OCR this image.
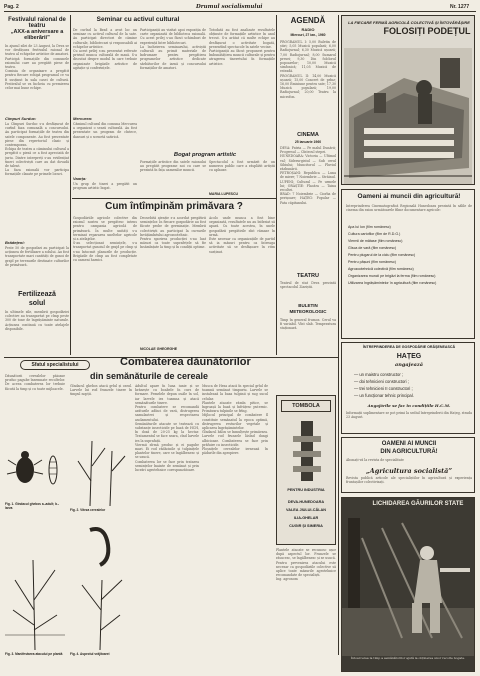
Pag. 2	Drumul socialismului	Nr. 1277
Festivalul raional de teatru
„AXX-a aniversare a eliberării”
În ajunul zilei de 23 August, la Deva se vor desfășura festivalul raional de teatru al echipelor artistice de amatori. Participă formațiile din comunele raionului care au pregătit piese de teatru.
Comisia de organizare a pregătit pentru fiecare echipă programul ce va fi susținut în sala casei de cultură. Festivalul se va încheia cu premierea celor mai bune echipe.
Cîmpuri Surduc:
La Cîmpuri Surduc s-a desfășurat de curînd faza comunală a concursului. Au participat formațiile de teatru din satele componente. Au fost prezentate piese din repertoriul clasic și contemporan.
Echipa de teatru a căminului cultural a pregătit o piesă ce a fost apreciată de juriu. Dintre interpreți s-au evidențiat tineri colectiviști care au dat dovadă de talent.
La faza raională vor participa formațiile clasate pe primele locuri.
Brădețeni:
Peste 50 de gospodari au participat la acțiunea de fertilizare a solului. Au fost transportate mari cantități de gunoi de grajd pe terenurile destinate culturilor de primăvară.
Fertilizează
solul
În ultimele zile, membrii gospodăriei colective au transportat pe cîmp peste 300 de tone de îngrășăminte naturale. Acțiunea continuă cu toate atelajele disponibile.
Seminar cu activul cultural
De curînd la Brad a avut loc un seminar cu activul cultural de la sate. Au participat directori de cămine culturale, bibliotecari și responsabili ai echipelor artistice.
Cu acest prilej s-au prezentat referate privind munca culturală de masă. S-a discutat despre modul în care trebuie organizate brigăzile artistice de agitație și conferințele.
Mercurea:
Căminul cultural din comuna Mercurea a organizat o seară culturală. Au fost prezentate un program de cîntece, dansuri și o scenetă satirică.
Vaarța:
Un grup de tineri a pregătit un program artistic bogat.
Participanții au vizitat apoi expoziția de carte organizată de biblioteca raională. Cu acest prilej s-au făcut schimburi de experiență între bibliotecari.
La încheierea seminarului, activiștii culturali au primit materiale de îndrumare pentru pregătirea programelor artistice dedicate sărbătorilor de iarnă și concursului formațiilor de amatori.
Bogat program artistic
Formațiile artistice din satele raionului au pregătit programe noi cu care se prezintă în fața oamenilor muncii.
Totodată au fost analizate rezultatele obținute de formațiile artistice în anul trecut. S-a arătat că multe echipe au desfășurat o activitate bogată, prezentînd spectacole în satele vecine.
Participanții au făcut propuneri pentru îmbunătățirea muncii culturale și pentru atragerea tineretului în formațiile artistice.
Spectacolul a fost urmărit de un numeros public care a răsplătit artiștii cu aplauze.
MARIA LUPESCU
Cum întîmpinăm primăvara ?
Gospodăriile agricole colective din raionul nostru se pregătesc intens pentru campania agricolă de primăvară. În multe unități s-a terminat repararea uneltelor agricole și a atelajelor.
S-au selecționat semințele, s-a transportat gunoiul de grajd pe cîmp și s-au întocmit planurile de producție. Brigăzile de cîmp au fost completate cu oameni harnici.
Deosebită atenție s-a acordat pregătirii semințelor. În fiecare gospodărie au fost făcute probe de germinație. Membrii colectiviști au participat la cursurile învățămîntului agrozootehnic.
Pentru sporirea producției s-au luat măsuri ca toate suprafețele să fie însămînțate la timp și în condiții optime.
Acolo unde munca a fost bine organizată, rezultatele nu au întîrziat să apară. Cu toate acestea, în unele gospodării pregătirile sînt rămase în urmă.
Este necesar ca organizațiile de partid să ia măsuri pentru ca întreaga activitate să se desfășoare în ritm susținut.
NICOLAE GHEORGHE
AGENDĂ
RADIO
Miercuri, 27 ian., 1960
PROGRAMUL I: 5,00 Buletin de știri; 5,05 Muzică populară; 6,00 Radiojurnal; 6,30 Muzică ușoară; 7,00 Radiojurnal; 8,00 Sumarul presei; 9,30 Din folclorul popoarelor; 10,00 Muzică simfonică; 11,05 Muzică de estradă.
PROGRAMUL II: 14,00 Muzică ușoară; 15,00 Concert de prînz; 16,00 Emisiune pentru sate; 17,30 Muzică populară; 19,00 Radiojurnal; 20,00 Teatru la microfon.
CINEMA
25 ianuarie 1960
DEVA: Patria — Pe malul Dunării; Progresul — Cîntecul stepei.
HUNEDOARA: Victoria — Ultimul val; Siderurgistul — Sub cerul Sibiului; Muncitorul — Fluviul răzbunării.
PETROȘANI: Republica — Luna de miere; 7 Noiembrie — Străinul.
LUPENI: Cultural — Pe urmele lui; ORĂȘTIE: Flacăra — Taina recoltei.
BRAD: 7 Noiembrie — Ciorba de perișoare; HAȚEG: Popular — Fata căpitanului.
TEATRU
Teatrul de stat Deva prezintă spectacolul Ziariștii.
BULETIN
METEOROLOGIC
Timp în general frumos. Cerul va fi variabil. Vînt slab. Temperatura staționară.
LA FIECARE FERMĂ AGRICOLĂ COLECTIVĂ ȘI ÎNTOVĂRĂȘIRE
FOLOSIȚI PODEȚUL
Oameni ai muncii din agricultură!
Întreprinderea Cinematografică Regională Hunedoara prezintă în sălile de cinema din raion următoarele filme documentare agricole:
Apa lui Ion (film românesc)
Cultura cartofilor (film de R.D.G.)
Viermii de mătase (film românesc)
Gîsca de vară (film românesc)
Pentru plugarul de la ciclu (film românesc)
Pentru pășuni (film românesc)
Agrozootehnică colectivă (film românesc)
Organizarea muncii pe brigăzi la ferma (film românesc)
Utilizarea îngrășămintelor în agricultură (film românesc)
ÎNTREPRINDEREA DE GOSPODĂRIE ORĂȘENEASCĂ
HAȚEG
angajează
— un maistru constructor ;
— doi tehnicieni constructori ;
— trei tehnicieni II constructori ;
— un funcționar tehnic principal.
Angajările se fac în condițiile H.C.M.
Informații suplimentare se pot primi la sediul întreprinderii din Hațeg, strada 23 August.
OAMENI AI MUNCII
DIN AGRICULTURĂ!
Abonați-vă la revista de specialitate
„Agricultura socialistă”
Revista publică articole ale specialiștilor în agricultură și experiența fruntașilor colectivizați.
LICHIDAREA GĂURILOR STATE
Întoarcerea la timp a semănătorilor ajută la obținerea unor recolte bogate.
Sfatul specialistului	Combaterea dăunătorilor
din semănăturile de cereale
Dăunătorii cerealelor păioase produc pagube însemnate recoltelor. De aceea combaterea lor trebuie făcută la timp și cu toate mijloacele.
Gîndacul ghebos atacă grîul și orzul. Larvele lui rod frunzele tinere în timpul nopții.
Adultul apare în luna iunie și se hrănește cu boabele în curs de formare. Femelele depun ouăle în sol, iar larvele ies toamna și atacă semănăturile tinere.
Pentru combatere se recomandă arăturile adînci de vară, distrugerea samulastrei și respectarea asolamentului.
Semănăturile atacate se tratează cu substanțe insecticide pe bază de HCH, în doză de 20-25 kg la hectar. Tratamentul se face seara, cînd larvele ies la suprafață.
Viermii sîrmă produc și ei pagube mari. Ei rod rădăcinile și tulpinițele plantelor tinere, care se îngălbenesc și se usucă.
Combaterea lor se face prin tratarea semințelor înainte de semănat și prin lucrări agrotehnice corespunzătoare.
Musca de Hesa atacă în special grîul de toamnă semănat timpuriu. Larvele se instalează la baza tulpinii și sug sucul celular.
Plantele atacate rămîn pitice, se îngroașă la bază și înfrățesc puternic. Primăvara tulpinile se frîng.
Mijlocul principal de combatere îl constituie semănatul la epoca optimă, distrugerea resturilor vegetale și aplicarea îngrășămintelor.
Gîndacul bălos se înmulțește primăvara. Larvele rod frunzele lăsînd dungi albicioase. Combaterea se face prin prăfuire cu insecticide.
Ploșnițele cerealelor iernează în pădurile din apropiere.
Fig. 1. Gîndacul ghebos a.-adult; b.-larva	Fig. 2. Viteza cerealelor
Fig. 3. Manifestarea atacului pe plantă	Fig. 4. Aspectul vrăjitoarei
TOMBOLA
PENTRU INDUSTRIA
DEVA-HUNEDOARA
VALEA JIULUI-CĂLAN
ILIA-GHELAR
CUGIR ȘI SIMERIA
Plantele atacate se recunosc ușor după aspectul lor. Frunzele se răsucesc, se îngălbenesc și se usucă.
Pentru prevenirea atacului este necesar ca gospodăriile colective să aplice toate măsurile agrotehnice recomandate de specialiști.
Ing. agronom
